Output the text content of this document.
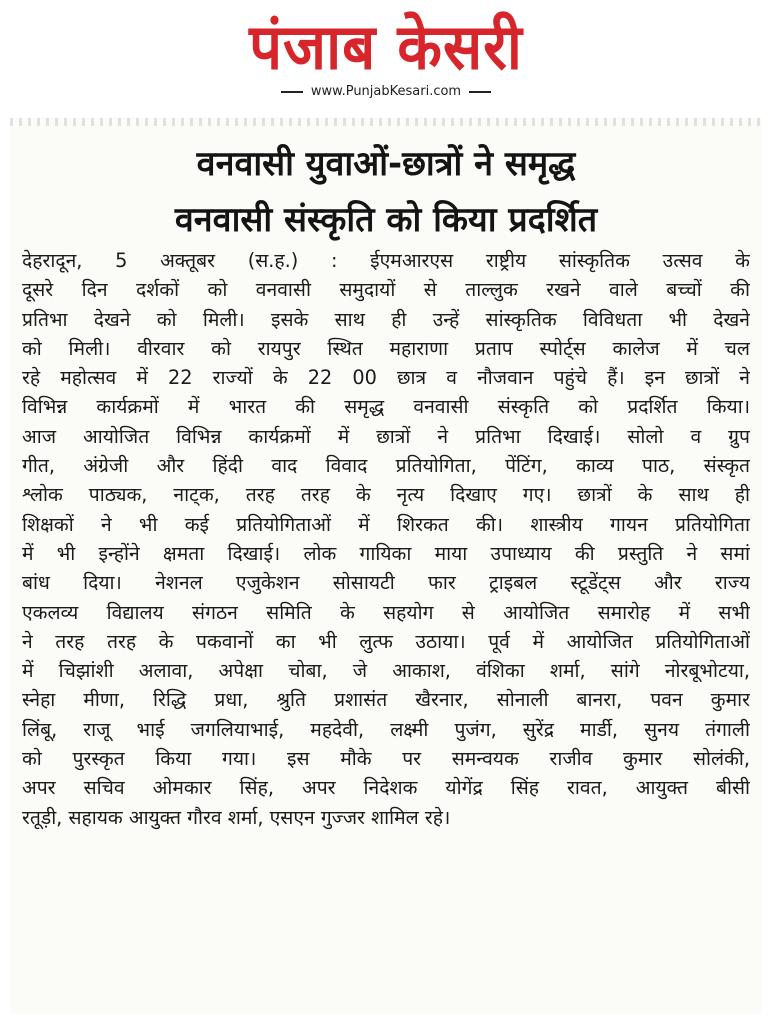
पंजाब केसरी
www.PunjabKesari.com
वनवासी युवाओं-छात्रों ने समृद्ध
वनवासी संस्कृति को किया प्रदर्शित
देहरादून, 5 अक्तूबर (स.ह.) : ईएमआरएस राष्ट्रीय सांस्कृतिक उत्सव के
दूसरे दिन दर्शकों को वनवासी समुदायों से ताल्लुक रखने वाले बच्चों की
प्रतिभा देखने को मिली। इसके साथ ही उन्हें सांस्कृतिक विविधता भी देखने
को मिली। वीरवार को रायपुर स्थित महाराणा प्रताप स्पोर्ट्स कालेज में चल
रहे महोत्सव में 22 राज्यों के 22 00 छात्र व नौजवान पहुंचे हैं। इन छात्रों ने
विभिन्न कार्यक्रमों में भारत की समृद्ध वनवासी संस्कृति को प्रदर्शित किया।
आज आयोजित विभिन्न कार्यक्रमों में छात्रों ने प्रतिभा दिखाई। सोलो व ग्रुप
गीत, अंग्रेजी और हिंदी वाद विवाद प्रतियोगिता, पेंटिंग, काव्य पाठ, संस्कृत
श्लोक पाठ्यक, नाट्क, तरह तरह के नृत्य दिखाए गए। छात्रों के साथ ही
शिक्षकों ने भी कई प्रतियोगिताओं में शिरकत की। शास्त्रीय गायन प्रतियोगिता
में भी इन्होंने क्षमता दिखाई। लोक गायिका माया उपाध्याय की प्रस्तुति ने समां
बांध दिया। नेशनल एजुकेशन सोसायटी फार ट्राइबल स्टूडेंट्स और राज्य
एकलव्य विद्यालय संगठन समिति के सहयोग से आयोजित समारोह में सभी
ने तरह तरह के पकवानों का भी लुत्फ उठाया। पूर्व में आयोजित प्रतियोगिताओं
में चिझांशी अलावा, अपेक्षा चोबा, जे आकाश, वंशिका शर्मा, सांगे नोरबूभोटया,
स्नेहा मीणा, रिद्धि प्रधा, श्रुति प्रशासंत खैरनार, सोनाली बानरा, पवन कुमार
लिंबू, राजू भाई जगलियाभाई, महदेवी, लक्ष्मी पुजंग, सुरेंद्र मार्डी, सुनय तंगाली
को पुरस्कृत किया गया। इस मौके पर समन्वयक राजीव कुमार सोलंकी,
अपर सचिव ओमकार सिंह, अपर निदेशक योगेंद्र सिंह रावत, आयुक्त बीसी
रतूड़ी, सहायक आयुक्त गौरव शर्मा, एसएन गुज्जर शामिल रहे।
